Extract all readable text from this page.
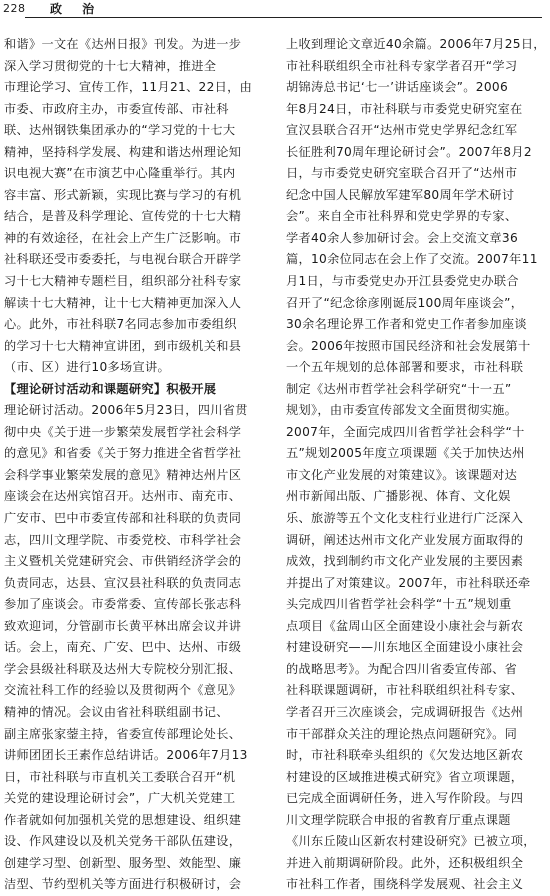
228 政 治
和谐》一文在《达州日报》刊发。为进一步
深入学习贯彻党的十七大精神，推进全
市理论学习、宣传工作，11月21、22日，由
市委、市政府主办，市委宣传部、市社科
联、达州钢铁集团承办的“学习党的十七大
精神，坚持科学发展、构建和谐达州理论知
识电视大赛”在市演艺中心隆重举行。其内
容丰富、形式新颖，实现比赛与学习的有机
结合，是普及科学理论、宣传党的十七大精
神的有效途径，在社会上产生广泛影响。市
社科联还受市委委托，与电视台联合开辟学
习十七大精神专题栏目，组织部分社科专家
解读十七大精神，让十七大精神更加深入人
心。此外，市社科联7名同志参加市委组织
的学习十七大精神宣讲团，到市级机关和县
（市、区）进行10多场宣讲。
【理论研讨活动和课题研究】积极开展
理论研讨活动。2006年5月23日，四川省贯
彻中央《关于进一步繁荣发展哲学社会科学
的意见》和省委《关于努力推进全省哲学社
会科学事业繁荣发展的意见》精神达州片区
座谈会在达州宾馆召开。达州市、南充市、
广安市、巴中市委宣传部和社科联的负责同
志，四川文理学院、市委党校、市科学社会
主义暨机关党建研究会、市供销经济学会的
负责同志，达县、宣汉县社科联的负责同志
参加了座谈会。市委常委、宣传部长张志科
致欢迎词，分管副市长黄平林出席会议并讲
话。会上，南充、广安、巴中、达州、市级
学会县级社科联及达州大专院校分别汇报、
交流社科工作的经验以及贯彻两个《意见》
精神的情况。会议由省社科联组副书记、
副主席张家蓥主持，省委宣传部理论处长、
讲师团团长王素作总结讲话。2006年7月13
日，市社科联与市直机关工委联合召开“机
关党的建设理论研讨会”，广大机关党建工
作者就如何加强机关党的思想建设、组织建
设、作风建设以及机关党务干部队伍建设，
创建学习型、创新型、服务型、效能型、廉
洁型、节约型机关等方面进行积极研讨，会
上收到理论文章近40余篇。2006年7月25日，
市社科联组织全市社科专家学者召开“学习
胡锦涛总书记‘七一’讲话座谈会”。2006
年8月24日，市社科联与市委党史研究室在
宣汉县联合召开“达州市党史学界纪念红军
长征胜利70周年理论研讨会”。2007年8月2
日，与市委党史研究室联合召开了“达州市
纪念中国人民解放军建军80周年学术研讨
会”。来自全市社科界和党史学界的专家、
学者40余人参加研讨会。会上交流文章36
篇，10余位同志在会上作了交流。2007年11
月1日，与市委党史办开江县委党史办联合
召开了“纪念徐彦刚诞辰100周年座谈会”，
30余名理论界工作者和党史工作者参加座谈
会。2006年按照市国民经济和社会发展第十
一个五年规划的总体部署和要求，市社科联
制定《达州市哲学社会科学研究“十一五”
规划》，由市委宣传部发文全面贯彻实施。
2007年，全面完成四川省哲学社会科学“十
五”规划2005年度立项课题《关于加快达州
市文化产业发展的对策建议》。该课题对达
州市新闻出版、广播影视、体育、文化娱
乐、旅游等五个文化支柱行业进行广泛深入
调研，阐述达州市文化产业发展方面取得的
成效，找到制约市文化产业发展的主要因素
并提出了对策建议。2007年，市社科联还牵
头完成四川省哲学社会科学“十五”规划重
点项目《盆周山区全面建设小康社会与新农
村建设研究——川东地区全面建设小康社会
的战略思考》。为配合四川省委宣传部、省
社科联课题调研，市社科联组织社科专家、
学者召开三次座谈会，完成调研报告《达州
市干部群众关注的理论热点问题研究》。同
时，市社科联牵头组织的《欠发达地区新农
村建设的区域推进模式研究》省立项课题，
已完成全面调研任务，进入写作阶段。与四
川文理学院联合申报的省教育厅重点课题
《川东丘陵山区新农村建设研究》已被立项，
并进入前期调研阶段。此外，还积极组织全
市社科工作者，围绕科学发展观、社会主义
